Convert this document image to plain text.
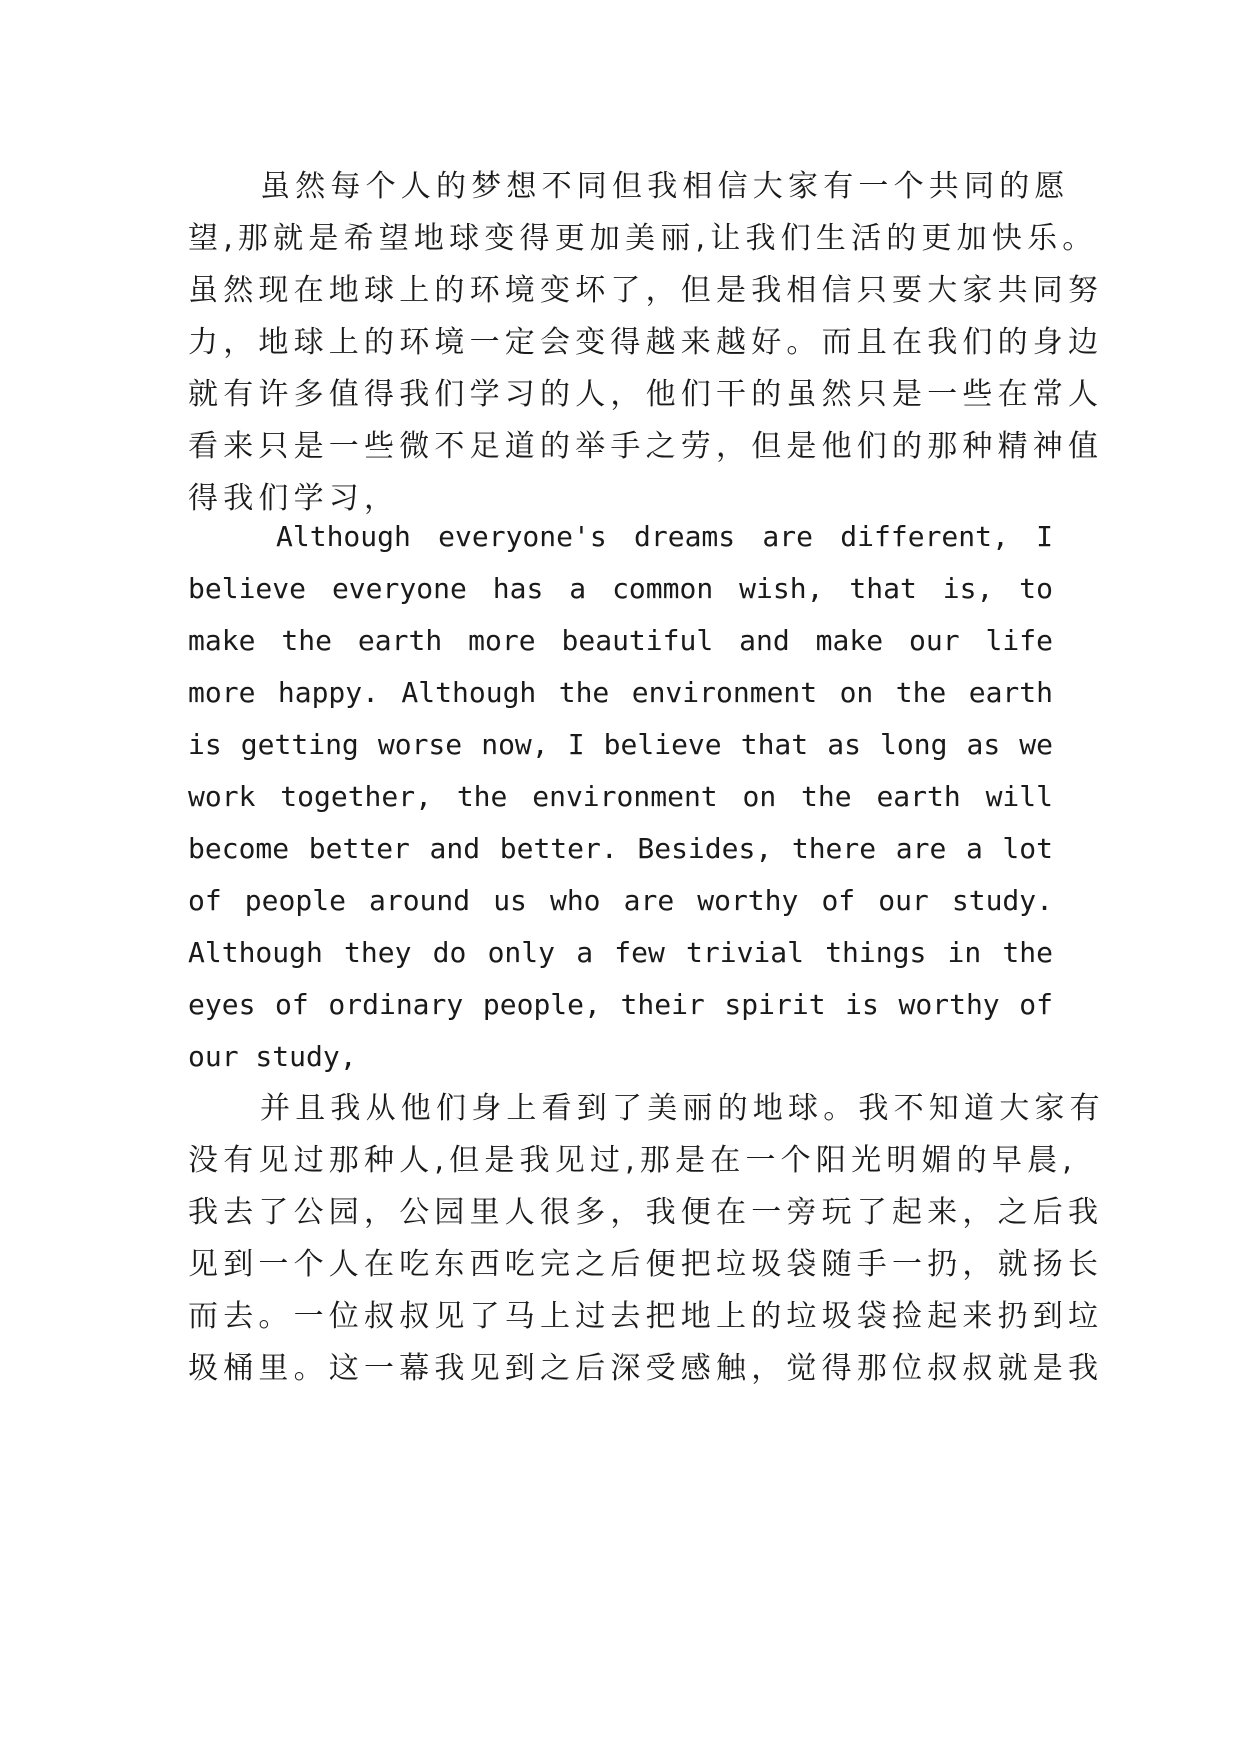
虽然每个人的梦想不同但我相信大家有一个共同的愿
望,那就是希望地球变得更加美丽,让我们生活的更加快乐。
虽然现在地球上的环境变坏了，但是我相信只要大家共同努
力，地球上的环境一定会变得越来越好。而且在我们的身边
就有许多值得我们学习的人，他们干的虽然只是一些在常人
看来只是一些微不足道的举手之劳，但是他们的那种精神值
得我们学习，
Although everyone's dreams are different, I
believe everyone has a common wish, that is, to
make the earth more beautiful and make our life
more happy. Although the environment on the earth
is getting worse now, I believe that as long as we
work together, the environment on the earth will
become better and better. Besides, there are a lot
of people around us who are worthy of our study.
Although they do only a few trivial things in the
eyes of ordinary people, their spirit is worthy of
our study,
并且我从他们身上看到了美丽的地球。我不知道大家有
没有见过那种人,但是我见过,那是在一个阳光明媚的早晨,
我去了公园，公园里人很多，我便在一旁玩了起来，之后我
见到一个人在吃东西吃完之后便把垃圾袋随手一扔，就扬长
而去。一位叔叔见了马上过去把地上的垃圾袋捡起来扔到垃
圾桶里。这一幕我见到之后深受感触，觉得那位叔叔就是我
